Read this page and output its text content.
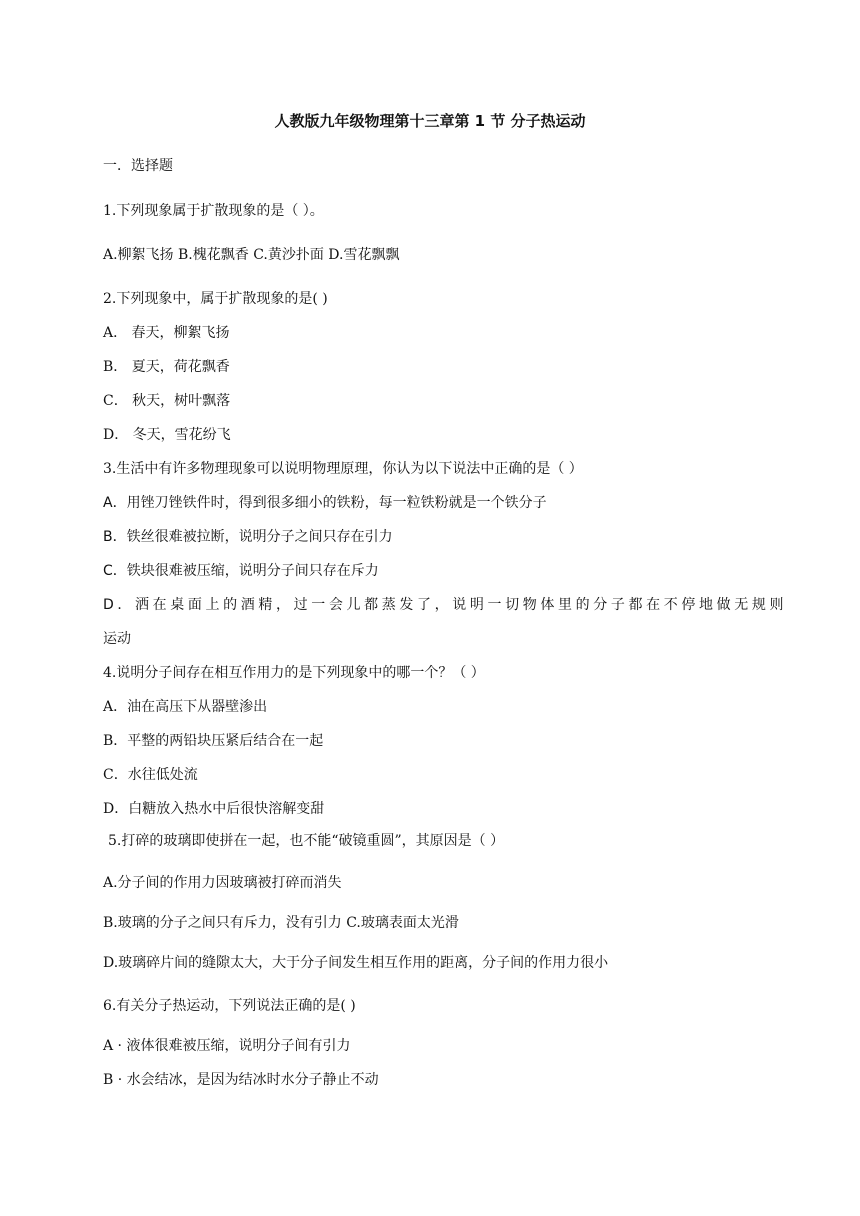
人教版九年级物理第十三章第 1 节 分子热运动
一．选择题
1.下列现象属于扩散现象的是（ ）。
A.柳絮飞扬 B.槐花飘香 C.黄沙扑面 D.雪花飘飘
2.下列现象中，属于扩散现象的是( )
A． 春天，柳絮飞扬
B． 夏天，荷花飘香
C． 秋天，树叶飘落
D． 冬天，雪花纷飞
3.生活中有许多物理现象可以说明物理原理，你认为以下说法中正确的是（ ）
A．用锉刀锉铁件时，得到很多细小的铁粉，每一粒铁粉就是一个铁分子
B．铁丝很难被拉断，说明分子之间只存在引力
C．铁块很难被压缩，说明分子间只存在斥力
D．洒在桌面上的酒精，过一会儿都蒸发了，说明一切物体里的分子都在不停地做无规则
运动
4.说明分子间存在相互作用力的是下列现象中的哪一个？（ ）
A．油在高压下从器壁渗出
B．平整的两铅块压紧后结合在一起
C．水往低处流
D．白糖放入热水中后很快溶解变甜
5.打碎的玻璃即使拼在一起，也不能“破镜重圆”，其原因是（ ）
A.分子间的作用力因玻璃被打碎而消失
B.玻璃的分子之间只有斥力，没有引力 C.玻璃表面太光滑
D.玻璃碎片间的缝隙太大，大于分子间发生相互作用的距离，分子间的作用力很小
6.有关分子热运动，下列说法正确的是( )
A · 液体很难被压缩，说明分子间有引力
B · 水会结冰，是因为结冰时水分子静止不动
